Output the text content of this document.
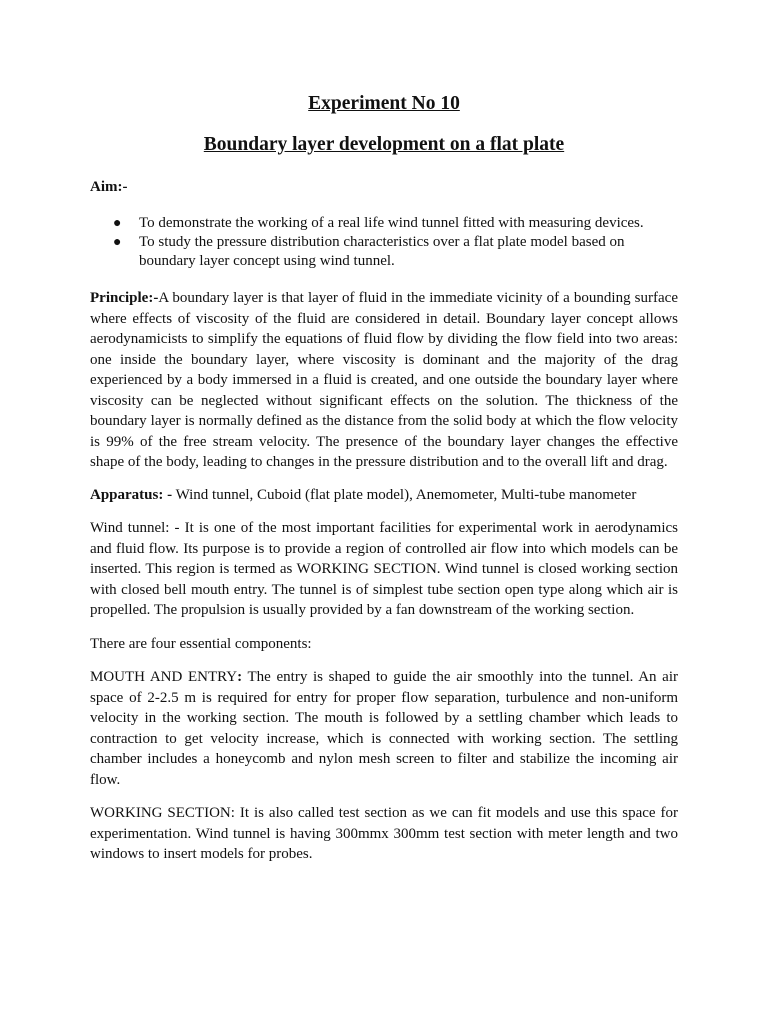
Experiment No 10
Boundary layer development on a flat plate
Aim:-
● To demonstrate the working of a real life wind tunnel fitted with measuring devices.
● To study the pressure distribution characteristics over a flat plate model based on boundary layer concept using wind tunnel.

Principle:-A boundary layer is that layer of fluid in the immediate vicinity of a bounding surface where effects of viscosity of the fluid are considered in detail. Boundary layer concept allows aerodynamicists to simplify the equations of fluid flow by dividing the flow field into two areas: one inside the boundary layer, where viscosity is dominant and the majority of the drag experienced by a body immersed in a fluid is created, and one outside the boundary layer where viscosity can be neglected without significant effects on the solution. The thickness of the boundary layer is normally defined as the distance from the solid body at which the flow velocity is 99% of the free stream velocity. The presence of the boundary layer changes the effective shape of the body, leading to changes in the pressure distribution and to the overall lift and drag.

Apparatus: - Wind tunnel, Cuboid (flat plate model), Anemometer, Multi-tube manometer

Wind tunnel: - It is one of the most important facilities for experimental work in aerodynamics and fluid flow. Its purpose is to provide a region of controlled air flow into which models can be inserted. This region is termed as WORKING SECTION. Wind tunnel is closed working section with closed bell mouth entry. The tunnel is of simplest tube section open type along which air is propelled. The propulsion is usually provided by a fan downstream of the working section.

There are four essential components:

MOUTH AND ENTRY: The entry is shaped to guide the air smoothly into the tunnel. An air space of 2-2.5 m is required for entry for proper flow separation, turbulence and non-uniform velocity in the working section. The mouth is followed by a settling chamber which leads to contraction to get velocity increase, which is connected with working section. The settling chamber includes a honeycomb and nylon mesh screen to filter and stabilize the incoming air flow.

WORKING SECTION: It is also called test section as we can fit models and use this space for experimentation. Wind tunnel is having 300mmx 300mm test section with meter length and two windows to insert models for probes.
